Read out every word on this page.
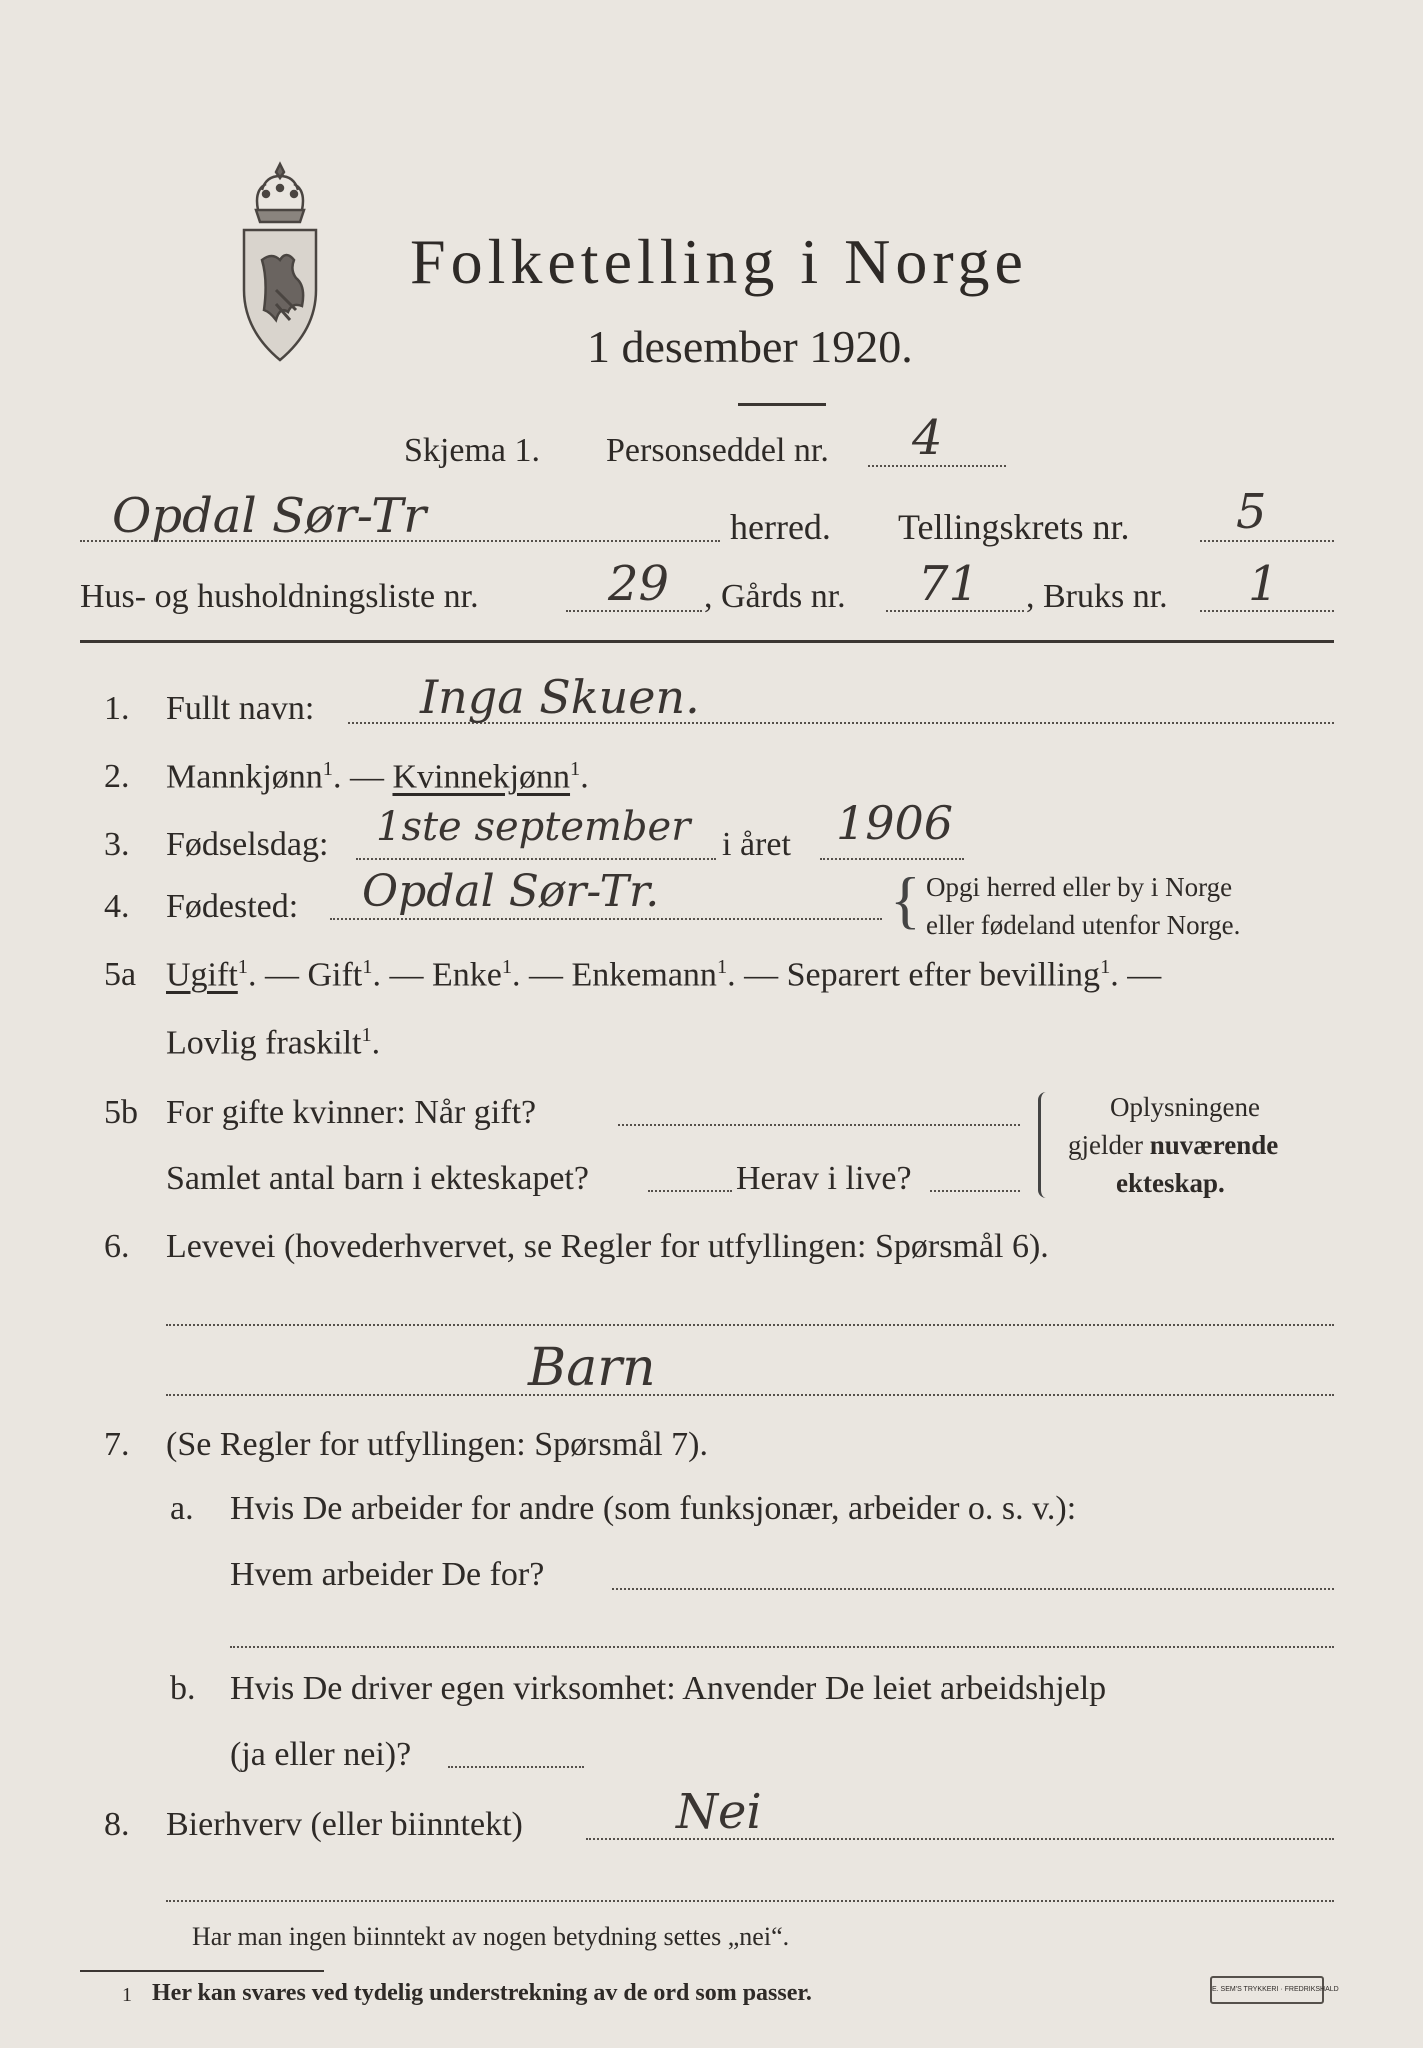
Folketelling i Norge
1 desember 1920.
Skjema 1. Personseddel nr. 4
Opdal Sør-Tr	herred. Tellingskrets nr. 5
Hus- og husholdningsliste nr.	29 , Gårds nr. 71 , Bruks nr. 1
1. Fullt navn: Inga Skuen.
2. Mannkjønn$^1$. — Kvinnekjønn$^1$.
3. Fødselsdag: 1ste september i året 1906
4. Fødested: Opdal Sør-Tr.	{ Opgi herred eller by i Norge
eller fødeland utenfor Norge.
5a Ugift$^1$. — Gift$^1$. — Enke$^1$. — Enkemann$^1$. — Separert efter bevilling$^1$. —
Lovlig fraskilt$^1$.
5b For gifte kvinner: Når gift?
Samlet antal barn i ekteskapet?	Herav i live?
Oplysningene
gjelder nuværende
ekteskap.
6. Levevei (hovederhvervet, se Regler for utfyllingen: Spørsmål 6).
Barn
7. (Se Regler for utfyllingen: Spørsmål 7).
a. Hvis De arbeider for andre (som funksjonær, arbeider o. s. v.):
Hvem arbeider De for?
b. Hvis De driver egen virksomhet: Anvender De leiet arbeidshjelp
(ja eller nei)?
8. Bierhverv (eller biinntekt)	Nei
Har man ingen biinntekt av nogen betydning settes „nei“.
1 Her kan svares ved tydelig understrekning av de ord som passer.	E. SEM'S TRYKKERI · FREDRIKSHALD
